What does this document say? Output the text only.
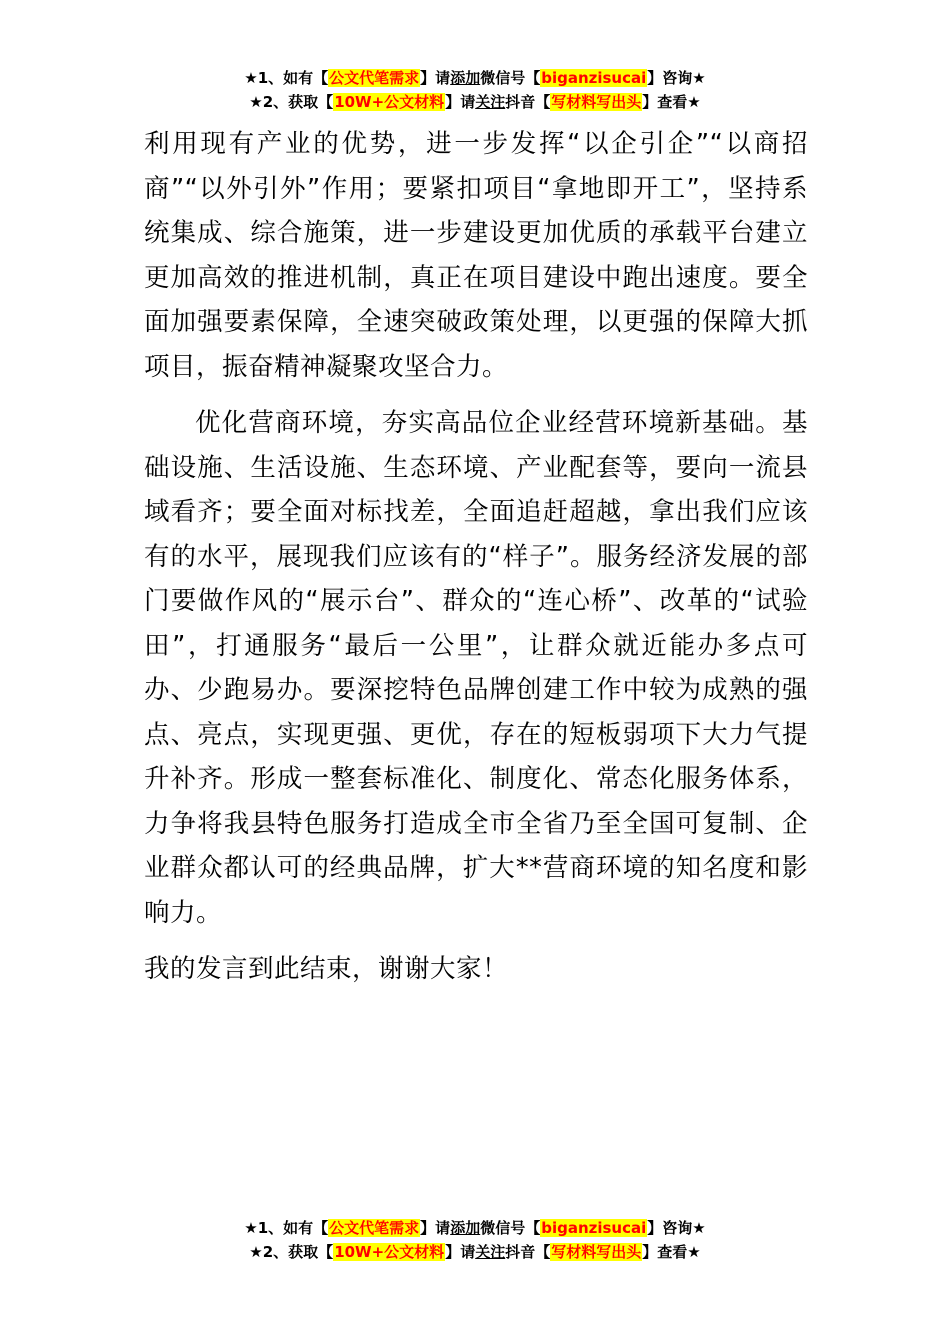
★1、如有【公文代笔需求】请添加微信号【biganzisucai】咨询★
★2、获取【10W+公文材料】请关注抖音【写材料写出头】查看★

利用现有产业的优势，进一步发挥“以企引企”“以商招商”“以外引外”作用；要紧扣项目“拿地即开工”，坚持系统集成、综合施策，进一步建设更加优质的承载平台建立更加高效的推进机制，真正在项目建设中跑出速度。要全面加强要素保障，全速突破政策处理，以更强的保障大抓项目，振奋精神凝聚攻坚合力。

优化营商环境，夯实高品位企业经营环境新基础。基础设施、生活设施、生态环境、产业配套等，要向一流县域看齐；要全面对标找差，全面追赶超越，拿出我们应该有的水平，展现我们应该有的“样子”。服务经济发展的部门要做作风的“展示台”、群众的“连心桥”、改革的“试验田”，打通服务“最后一公里”，让群众就近能办多点可办、少跑易办。要深挖特色品牌创建工作中较为成熟的强点、亮点，实现更强、更优，存在的短板弱项下大力气提升补齐。形成一整套标准化、制度化、常态化服务体系，力争将我县特色服务打造成全市全省乃至全国可复制、企业群众都认可的经典品牌，扩大**营商环境的知名度和影响力。

我的发言到此结束，谢谢大家！

★1、如有【公文代笔需求】请添加微信号【biganzisucai】咨询★
★2、获取【10W+公文材料】请关注抖音【写材料写出头】查看★
